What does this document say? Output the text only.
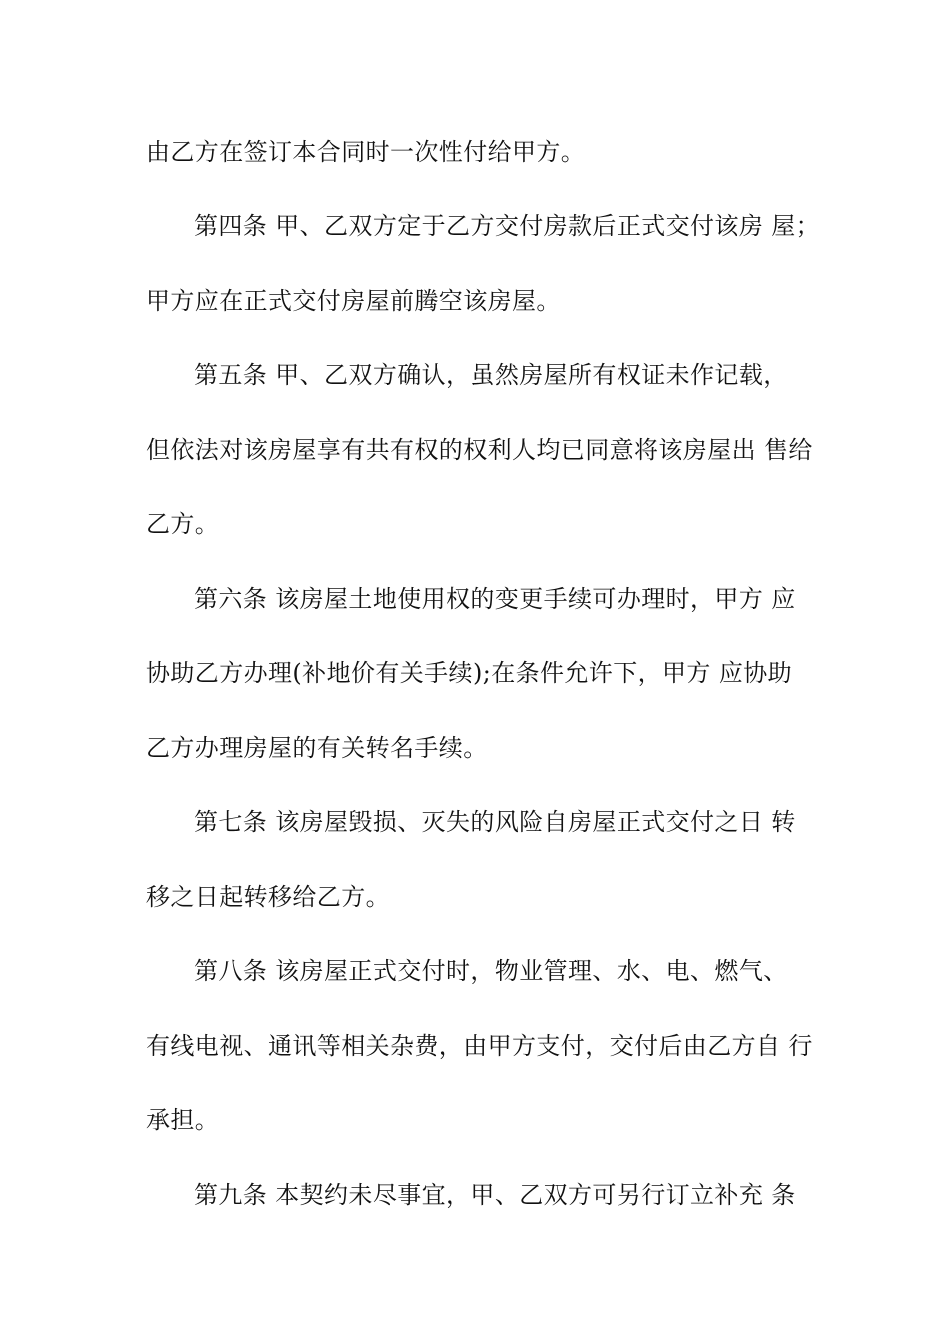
由乙方在签订本合同时一次性付给甲方。
第四条 甲、乙双方定于乙方交付房款后正式交付该房 屋；
甲方应在正式交付房屋前腾空该房屋。
第五条 甲、乙双方确认，虽然房屋所有权证未作记载，
但依法对该房屋享有共有权的权利人均已同意将该房屋出 售给
乙方。
第六条 该房屋土地使用权的变更手续可办理时，甲方 应
协助乙方办理(补地价有关手续);在条件允许下，甲方 应协助
乙方办理房屋的有关转名手续。
第七条 该房屋毁损、灭失的风险自房屋正式交付之日 转
移之日起转移给乙方。
第八条 该房屋正式交付时，物业管理、水、电、燃气、
有线电视、通讯等相关杂费，由甲方支付，交付后由乙方自 行
承担。
第九条 本契约未尽事宜，甲、乙双方可另行订立补充 条
